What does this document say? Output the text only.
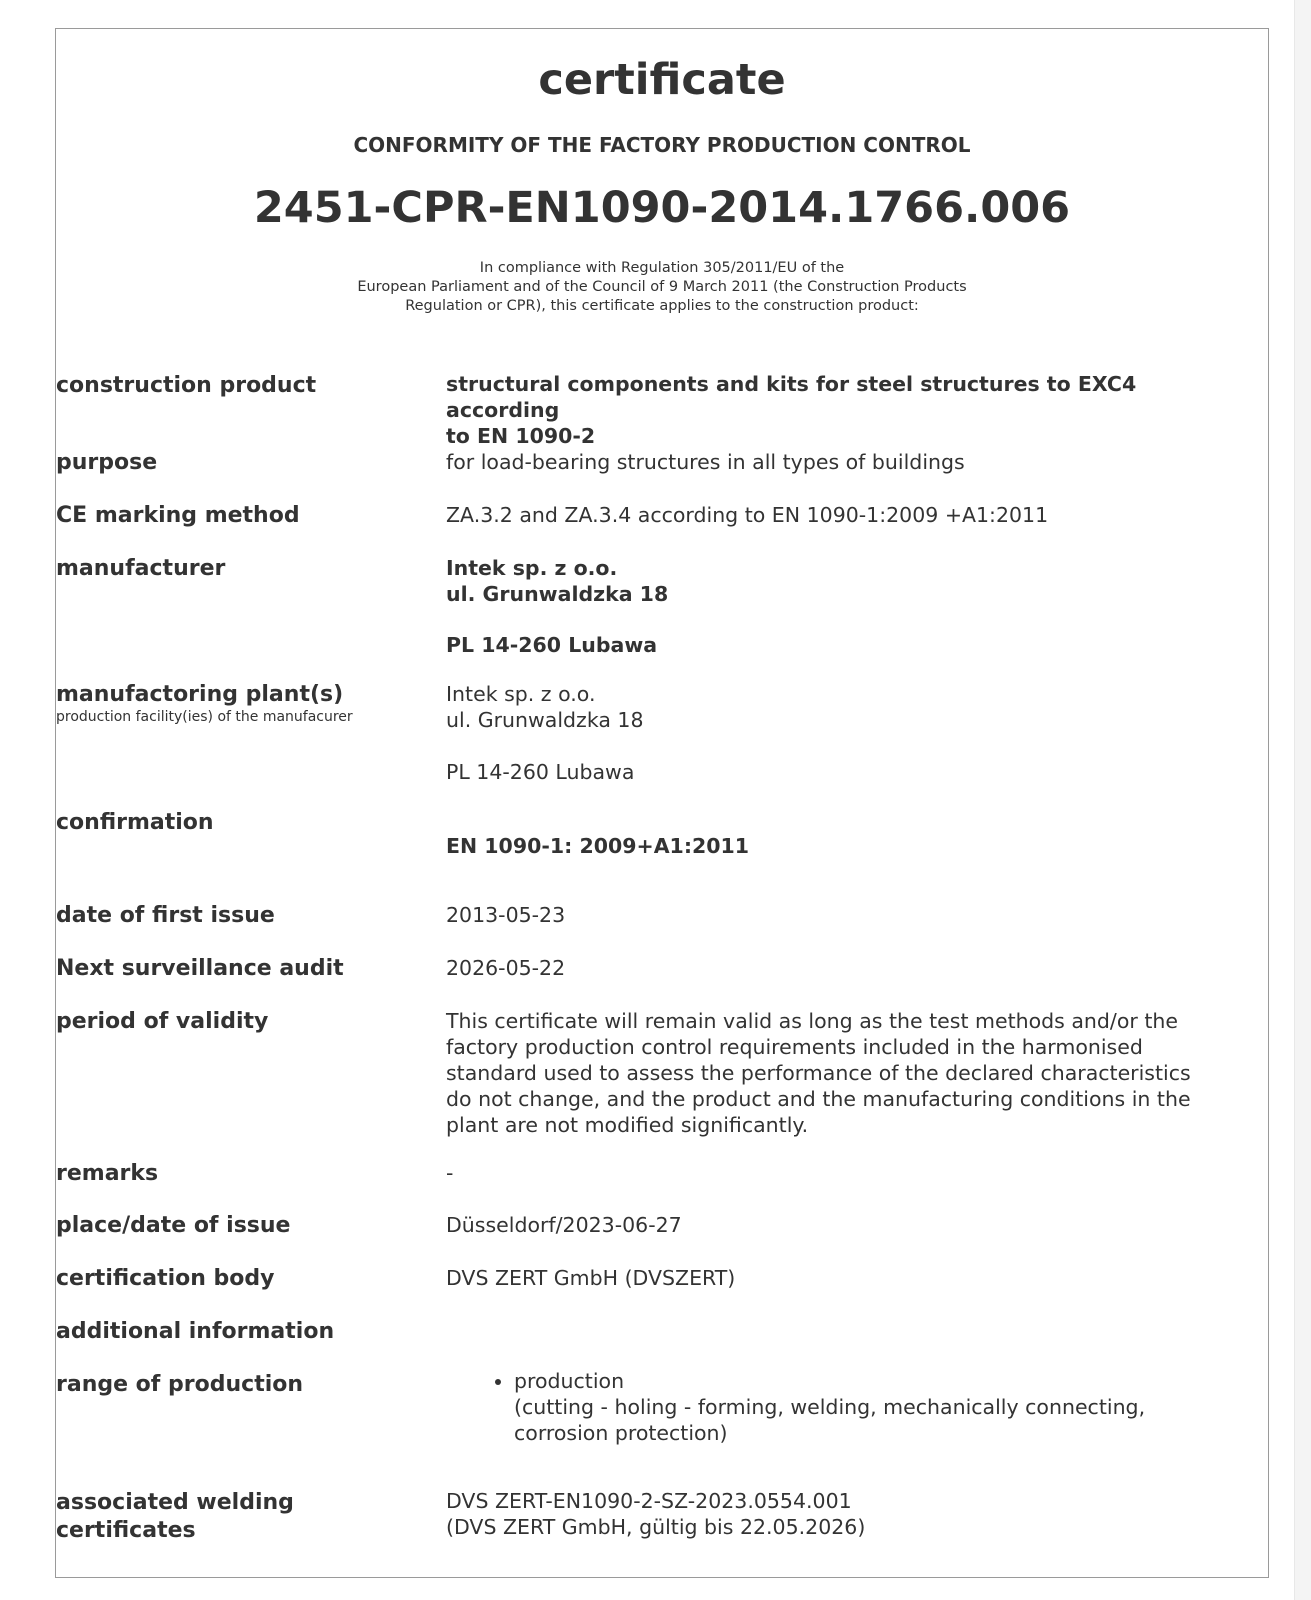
certificate
CONFORMITY OF THE FACTORY PRODUCTION CONTROL
2451-CPR-EN1090-2014.1766.006
In compliance with Regulation 305/2011/EU of the
European Parliament and of the Council of 9 March 2011 (the Construction Products
Regulation or CPR), this certificate applies to the construction product:
construction product	structural components and kits for steel structures to EXC4 according
to EN 1090-2
purpose	for load-bearing structures in all types of buildings
CE marking method	ZA.3.2 and ZA.3.4 according to EN 1090-1:2009 +A1:2011
manufacturer	Intek sp. z o.o.
ul. Grunwaldzka 18
PL 14-260 Lubawa
manufactoring plant(s)
production facility(ies) of the manufacurer
Intek sp. z o.o.
ul. Grunwaldzka 18
PL 14-260 Lubawa
confirmation
EN 1090-1: 2009+A1:2011
date of first issue	2013-05-23
Next surveillance audit	2026-05-22
period of validity	This certificate will remain valid as long as the test methods and/or the
factory production control requirements included in the harmonised
standard used to assess the performance of the declared characteristics
do not change, and the product and the manufacturing conditions in the
plant are not modified significantly.
remarks	-
place/date of issue	Düsseldorf/2023-06-27
certification body	DVS ZERT GmbH (DVSZERT)
additional information
range of production
•	production
(cutting - holing - forming, welding, mechanically connecting,
corrosion protection)
associated welding
certificates
DVS ZERT-EN1090-2-SZ-2023.0554.001
(DVS ZERT GmbH, gültig bis 22.05.2026)
